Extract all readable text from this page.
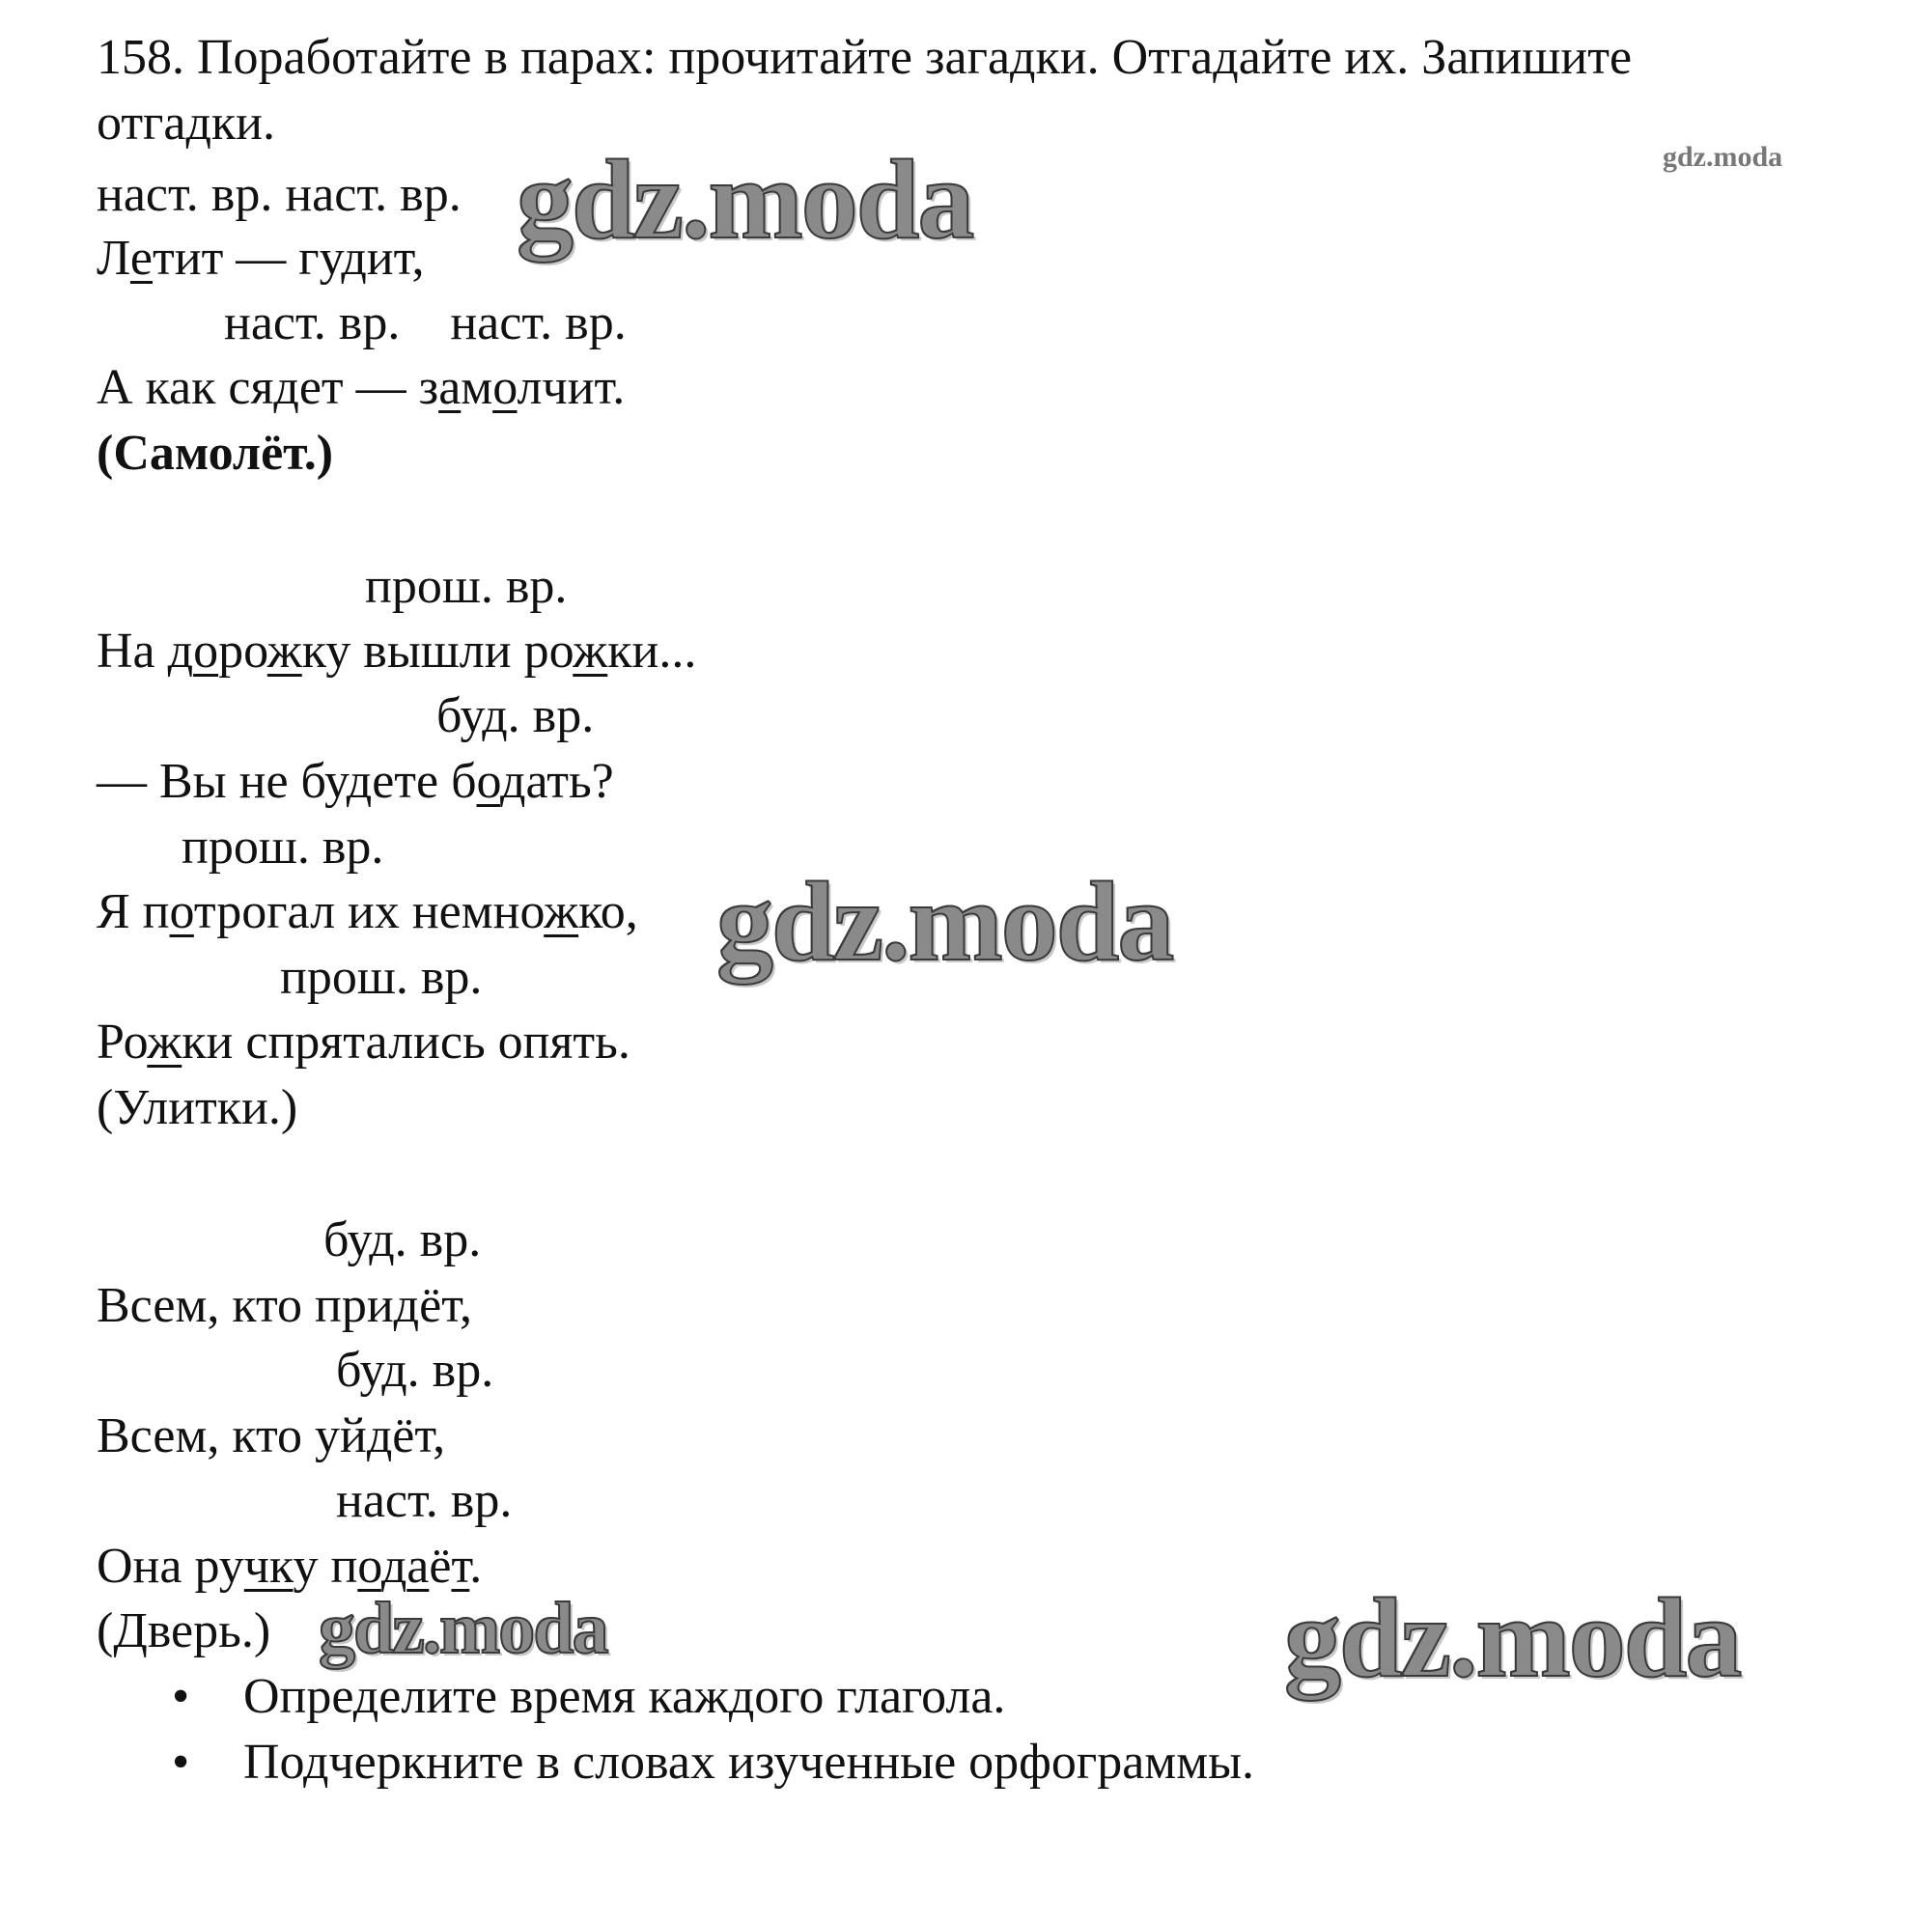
158. Поработайте в парах: прочитайте загадки. Отгадайте их. Запишите
отгадки.
наст. вр. наст. вр.
Летит — гудит,
наст. вр.    наст. вр.
А как сядет — замолчит.
(Самолёт.)
прош. вр.
На дорожку вышли рожки...
буд. вр.
— Вы не будете бодать?
прош. вр.
Я потрогал их немножко,
прош. вр.
Рожки спрятались опять.
(Улитки.)
буд. вр.
Всем, кто придёт,
буд. вр.
Всем, кто уйдёт,
наст. вр.
Она ручку подаёт.
(Дверь.)
• Определите время каждого глагола.
• Подчеркните в словах изученные орфограммы.
gdz.moda	gdz.moda
gdz.moda
gdz.moda	gdz.moda
